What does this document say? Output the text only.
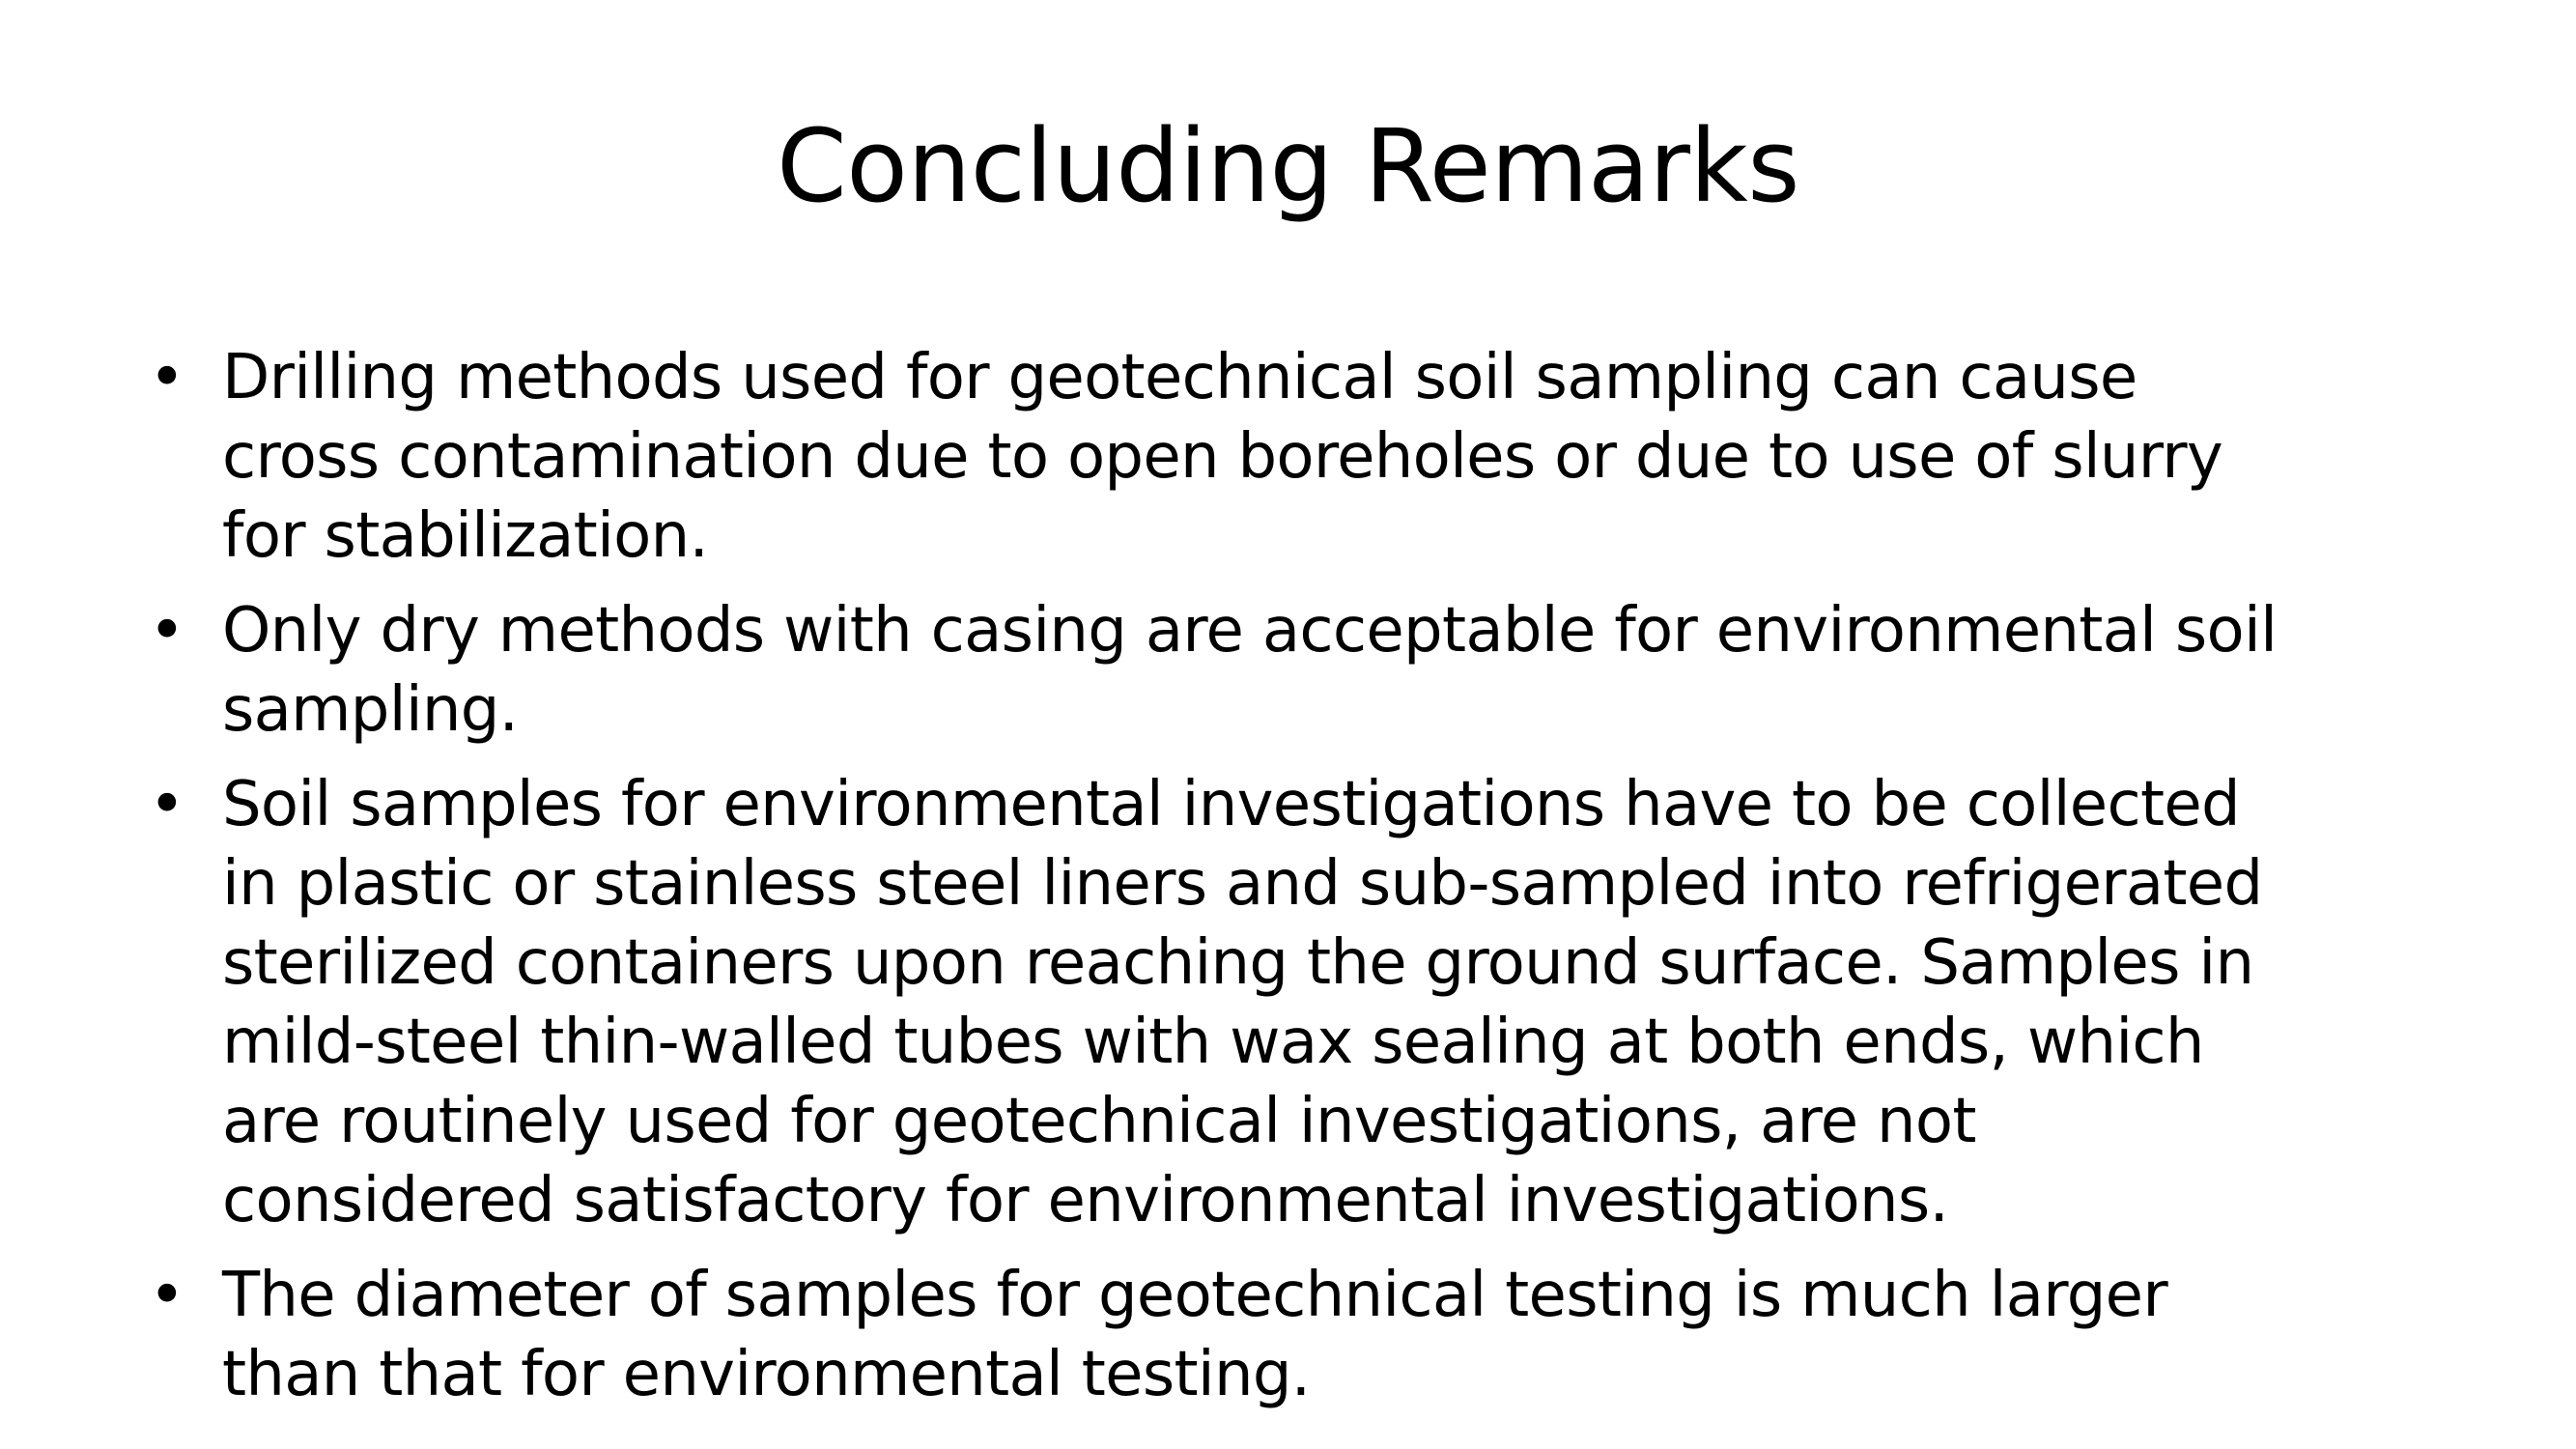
Concluding Remarks
• Drilling methods used for geotechnical soil sampling can cause
cross contamination due to open boreholes or due to use of slurry
for stabilization.
• Only dry methods with casing are acceptable for environmental soil
sampling.
• Soil samples for environmental investigations have to be collected
in plastic or stainless steel liners and sub-sampled into refrigerated
sterilized containers upon reaching the ground surface. Samples in
mild-steel thin-walled tubes with wax sealing at both ends, which
are routinely used for geotechnical investigations, are not
considered satisfactory for environmental investigations.
• The diameter of samples for geotechnical testing is much larger
than that for environmental testing.
